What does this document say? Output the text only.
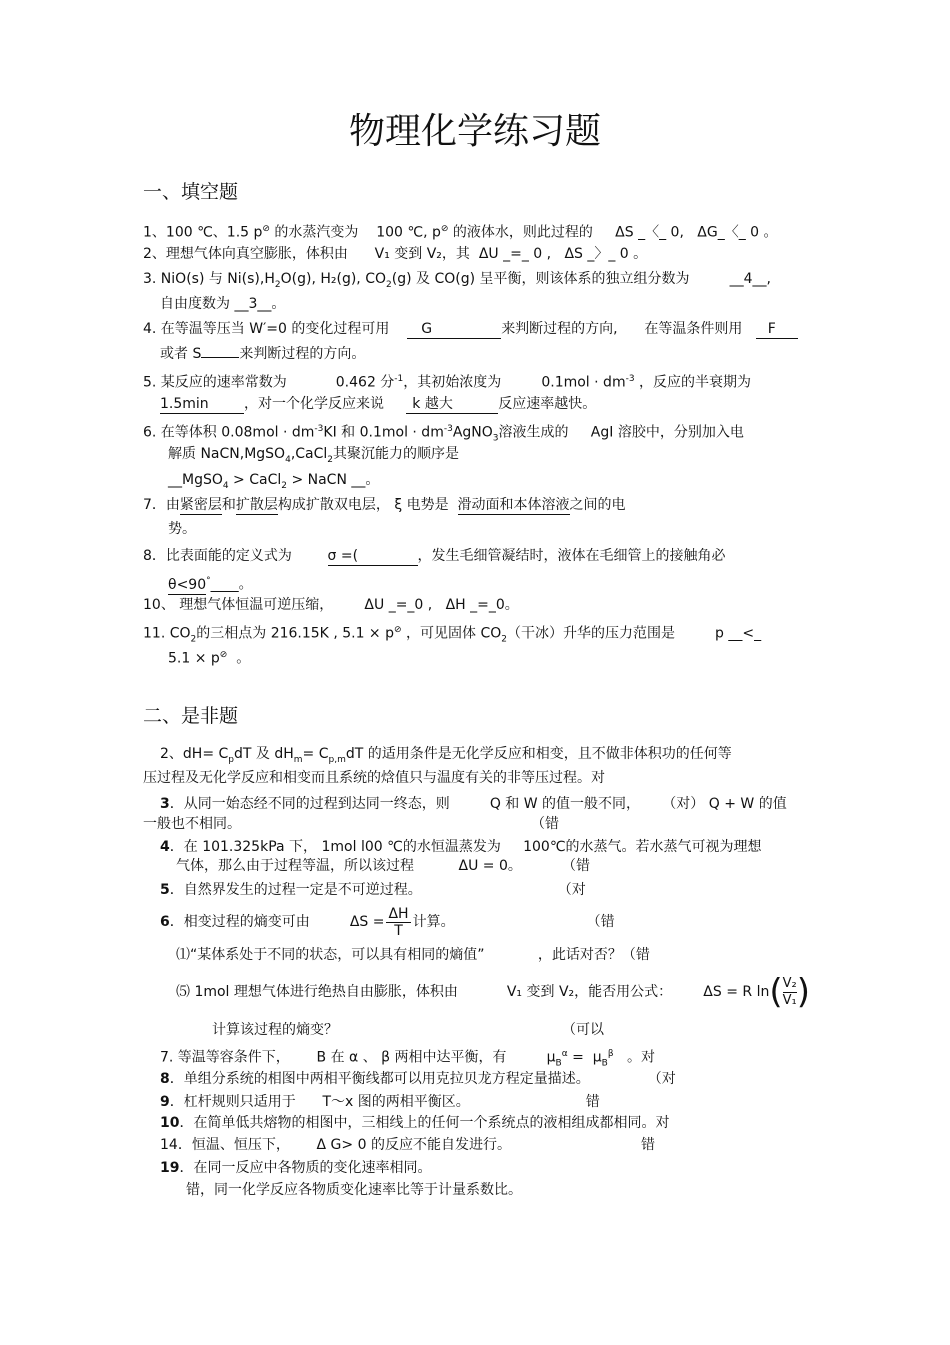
物理化学练习题
一、填空题
1、100 ℃、1.5 p⊘ 的水蒸汽变为 100 ℃, p⊘ 的液体水，则此过程的 ΔS _〈_ 0, ΔG_〈_ 0 。
2、理想气体向真空膨胀，体积由 V₁ 变到 V₂，其 ΔU _=_ 0 , ΔS _〉_ 0 。
3. NiO(s) 与 $Ni(s),H_2O(g)$, H₂(g), $CO_2(g)$ 及 CO(g) 呈平衡，则该体系的独立组分数为	__4__,
自由度数为 __3__。
4. 在等温等压当 W′=0 的变化过程可用 G	来判断过程的方向, 在等温条件则用 F
或者 S	来判断过程的方向。
5. 某反应的速率常数为	0.462 分$^{-1}$，其初始浓度为	$0.1mol \cdot dm^{-3}$ ，反应的半衰期为
1.5min	，对一个化学反应来说 k 越大	反应速率越快。
6. 在等体积 $0.08mol \cdot dm^{-3}KI$ 和 $0.1mol \cdot dm^{-3}AgNO_3$溶液生成的 AgI 溶胶中，分别加入电
解质 NaCN,MgSO$_4$,CaCl$_2$其聚沉能力的顺序是
__MgSO$_4$ > CaCl$_2$ > NaCN __。
7．由紧密层和扩散层构成扩散双电层， ξ 电势是  滑动面和本体溶液之间的电
势。
8．比表面能的定义式为	σ =(	，发生毛细管凝结时，液体在毛细管上的接触角必
θ<90°____。
10、 理想气体恒温可逆压缩， ΔU _=_0 , ΔH _=_0。
11. $CO_2$的三相点为 216.15K , 5.1 × p⊘ ，可见固体 $CO_2$（干冰）升华的压力范围是	p __<_
5.1 × p⊘ 。
二、是非题
2、$dH= C_pdT$ 及 $dH_m= C_{p,m}dT$ 的适用条件是无化学反应和相变，且不做非体积功的任何等
压过程及无化学反应和相变而且系统的焓值只与温度有关的非等压过程。对
3．从同一始态经不同的过程到达同一终态，则	Q 和 W 的值一般不同， （对） Q + W 的值
一般也不相同。	（错
4．在 101.325kPa 下， 1mol l00 ℃的水恒温蒸发为 100℃的水蒸气。若水蒸气可视为理想
气体，那么由于过程等温，所以该过程	ΔU = 0。	（错
5．自然界发生的过程一定是不可逆过程。	（对
6．相变过程的熵变可由	$\Delta S = \frac{\Delta H}{T}$ 计算。	（错
⑴“某体系处于不同的状态，可以具有相同的熵值”	，此话对否？（错
⑸ 1mol 理想气体进行绝热自由膨胀，体积由	V₁ 变到 V₂，能否用公式： ΔS = R $\ln( \frac{\text{V₂}}{\text{V₁}}$ )
计算该过程的熵变？	（可以
7. 等温等容条件下， B 在 α 、 β 两相中达平衡，有	$\mu_B^\alpha = \mu_B^\beta$ 。对
8．单组分系统的相图中两相平衡线都可以用克拉贝龙方程定量描述。	（对
9．杠杆规则只适用于 T～x 图的两相平衡区。	错
10．在简单低共熔物的相图中，三相线上的任何一个系统点的液相组成都相同。对
14．恒温、恒压下， Δ G> 0 的反应不能自发进行。	错
19．在同一反应中各物质的变化速率相同。
错，同一化学反应各物质变化速率比等于计量系数比。
